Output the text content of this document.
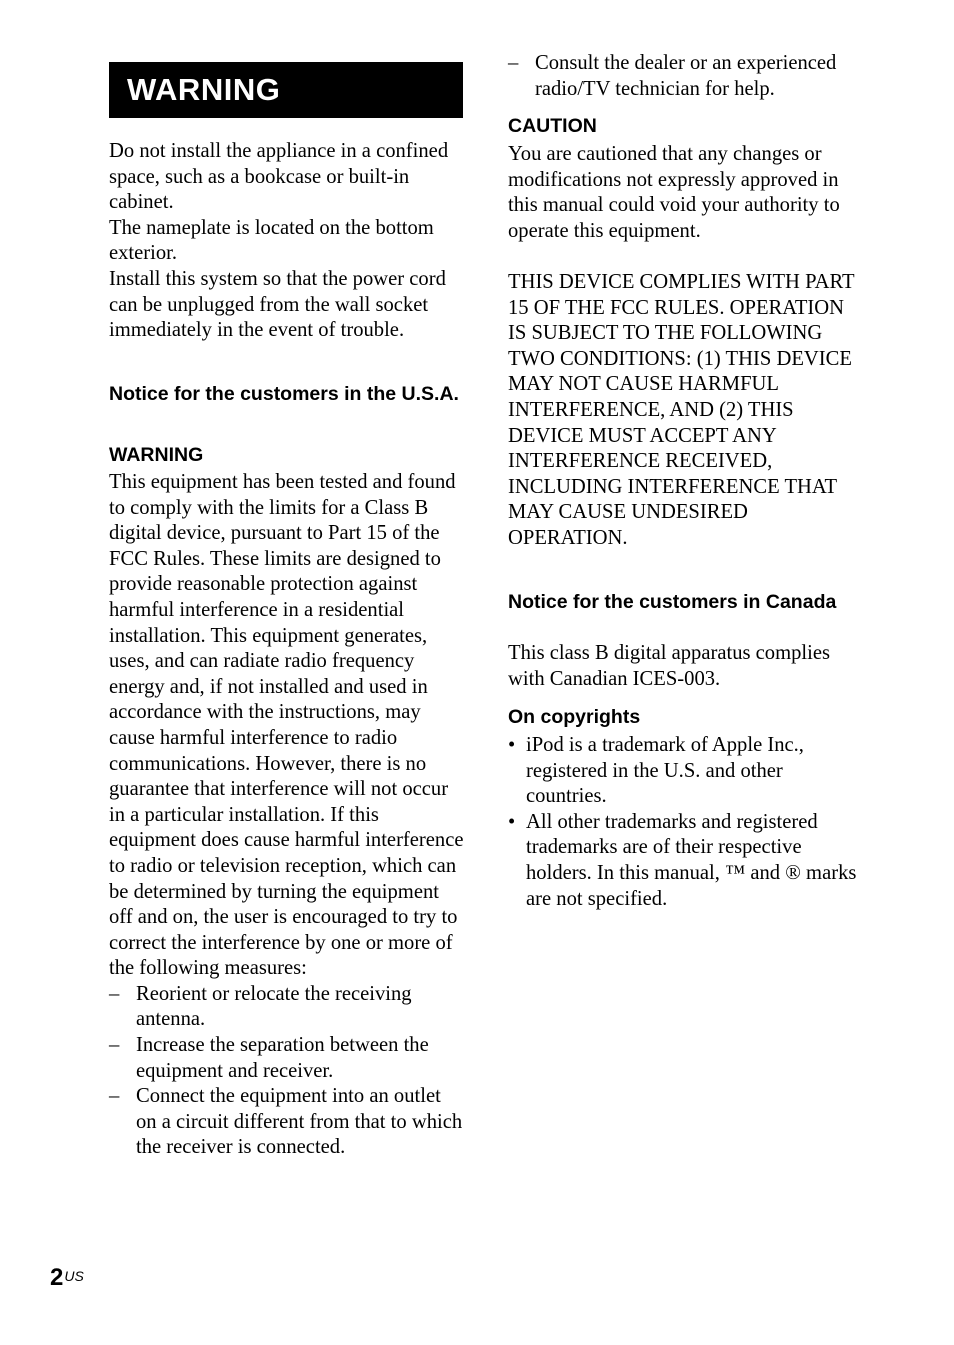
WARNING

Do not install the appliance in a confined space, such as a bookcase or built-in cabinet.

The nameplate is located on the bottom exterior.

Install this system so that the power cord can be unplugged from the wall socket immediately in the event of trouble.

Notice for the customers in the U.S.A.
WARNING

This equipment has been tested and found to comply with the limits for a Class B digital device, pursuant to Part 15 of the FCC Rules. These limits are designed to provide reasonable protection against harmful interference in a residential installation. This equipment generates, uses, and can radiate radio frequency energy and, if not installed and used in accordance with the instructions, may cause harmful interference to radio communications. However, there is no guarantee that interference will not occur in a particular installation. If this equipment does cause harmful interference to radio or television reception, which can be determined by turning the equipment off and on, the user is encouraged to try to correct the interference by one or more of the following measures:

– Reorient or relocate the receiving antenna.
– Increase the separation between the equipment and receiver.
– Connect the equipment into an outlet on a circuit different from that to which the receiver is connected.
– Consult the dealer or an experienced radio/TV technician for help.
CAUTION

You are cautioned that any changes or modifications not expressly approved in this manual could void your authority to operate this equipment.

THIS DEVICE COMPLIES WITH PART 15 OF THE FCC RULES. OPERATION IS SUBJECT TO THE FOLLOWING TWO CONDITIONS: (1) THIS DEVICE MAY NOT CAUSE HARMFUL INTERFERENCE, AND (2) THIS DEVICE MUST ACCEPT ANY INTERFERENCE RECEIVED, INCLUDING INTERFERENCE THAT MAY CAUSE UNDESIRED OPERATION.

Notice for the customers in Canada

This class B digital apparatus complies with Canadian ICES-003.

On copyrights
• iPod is a trademark of Apple Inc., registered in the U.S. and other countries.
• All other trademarks and registered trademarks are of their respective holders. In this manual, ™ and ® marks are not specified.
$2^{US}$
